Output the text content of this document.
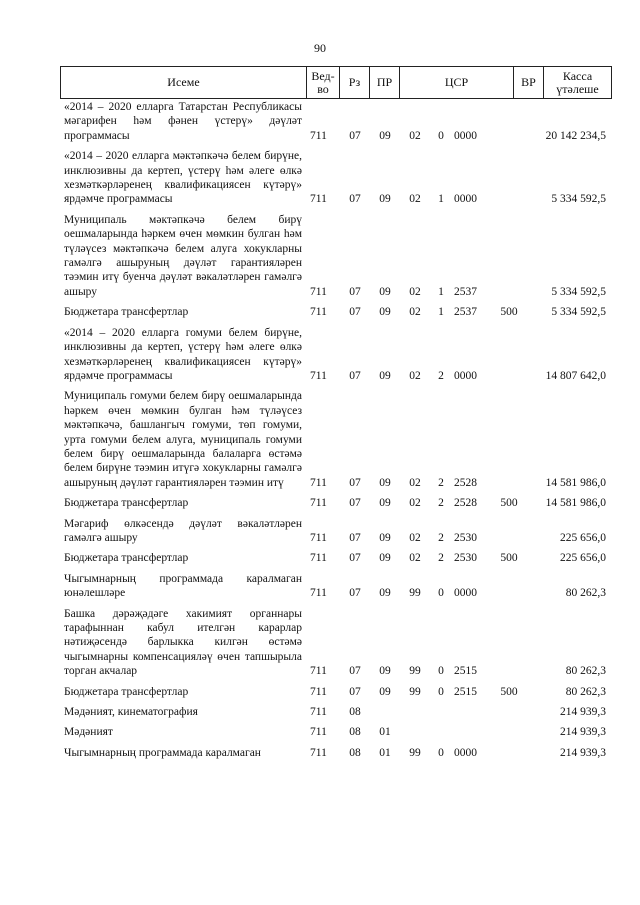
90
Исеме	Вед-во	Рз	ПР	ЦСР	ВР	Касса үтәлеше
«2014 – 2020 елларга Татарстан Республикасы мәгарифен һәм фәнен үстерү» дәүләт программасы	711	07	09	02	0 0000	20 142 234,5
«2014 – 2020 елларга мәктәпкәчә белем бирүне, инклюзивны да кертеп, үстерү һәм әлеге өлкә хезмәткәрләренең квалификациясен күтәрү» ярдәмче программасы	711	07	09	02	1 0000	5 334 592,5
Муниципаль мәктәпкәчә белем бирү оешмаларында һәркем өчен мөмкин булган һәм түләүсез мәктәпкәчә белем алуга хокукларны гамәлгә ашыруның дәүләт гарантияләрен тәэмин итү буенча дәүләт вәкаләтләрен гамәлгә ашыру	711	07	09	02	1 2537	5 334 592,5
Бюджетара трансфертлар	711	07	09	02	1 2537	500	5 334 592,5
«2014 – 2020 елларга гомуми белем бирүне, инклюзивны да кертеп, үстерү һәм әлеге өлкә хезмәткәрләренең квалификациясен күтәрү» ярдәмче программасы	711	07	09	02	2 0000	14 807 642,0
Муниципаль гомуми белем бирү оешмаларында һәркем өчен мөмкин булган һәм түләүсез мәктәпкәчә, башлангыч гомуми, төп гомуми, урта гомуми белем алуга, муниципаль гомуми белем бирү оешмаларында балаларга өстәмә белем бирүне тәэмин итүгә хокукларны гамәлгә ашыруның дәүләт гарантияләрен тәэмин итү	711	07	09	02	2 2528	14 581 986,0
Бюджетара трансфертлар	711	07	09	02	2 2528	500	14 581 986,0
Мәгариф өлкәсендә дәүләт вәкаләтләрен гамәлгә ашыру	711	07	09	02	2 2530	225 656,0
Бюджетара трансфертлар	711	07	09	02	2 2530	500	225 656,0
Чыгымнарның программада каралмаган юнәлешләре	711	07	09	99	0 0000	80 262,3
Башка дәрәҗәдәге хакимият органнары тарафыннан кабул ителгән карарлар нәтиҗәсендә барлыкка килгән өстәмә чыгымнарны компенсацияләү өчен тапшырыла торган акчалар	711	07	09	99	0 2515	80 262,3
Бюджетара трансфертлар	711	07	09	99	0 2515	500	80 262,3
Мәдәният, кинематография	711	08	214 939,3
Мәдәният	711	08	01	214 939,3
Чыгымнарның программада каралмаган	711	08	01	99	0 0000	214 939,3
